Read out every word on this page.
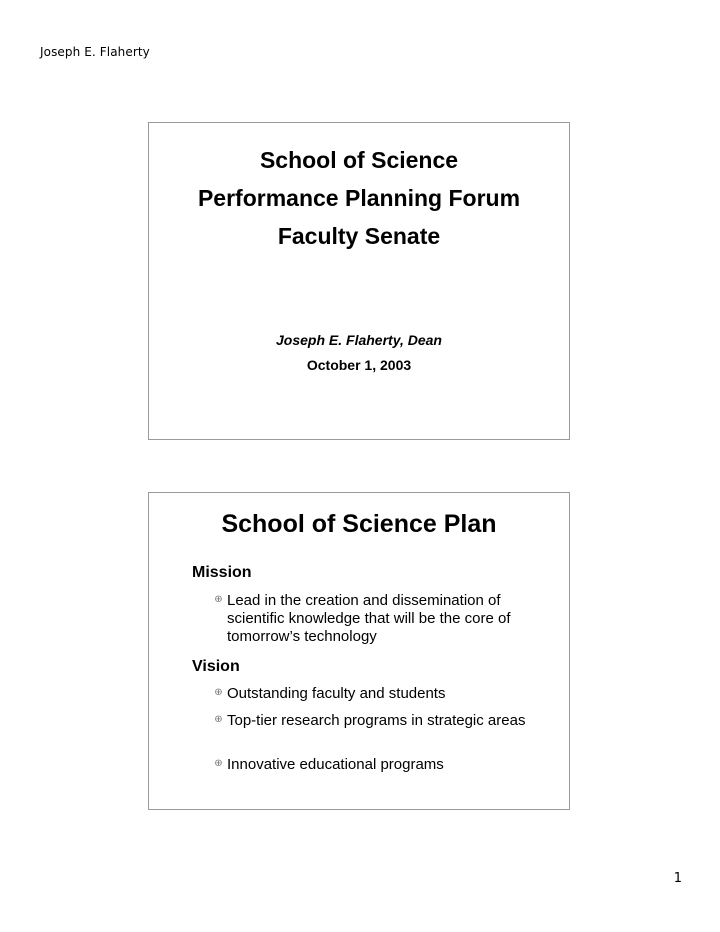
Joseph E. Flaherty
School of Science
Performance Planning Forum
Faculty Senate
Joseph E. Flaherty, Dean
October 1, 2003
School of Science Plan
Mission
⊕ Lead in the creation and dissemination of scientific knowledge that will be the core of tomorrow’s technology
Vision
⊕ Outstanding faculty and students
⊕ Top-tier research programs in strategic areas
⊕ Innovative educational programs
1
